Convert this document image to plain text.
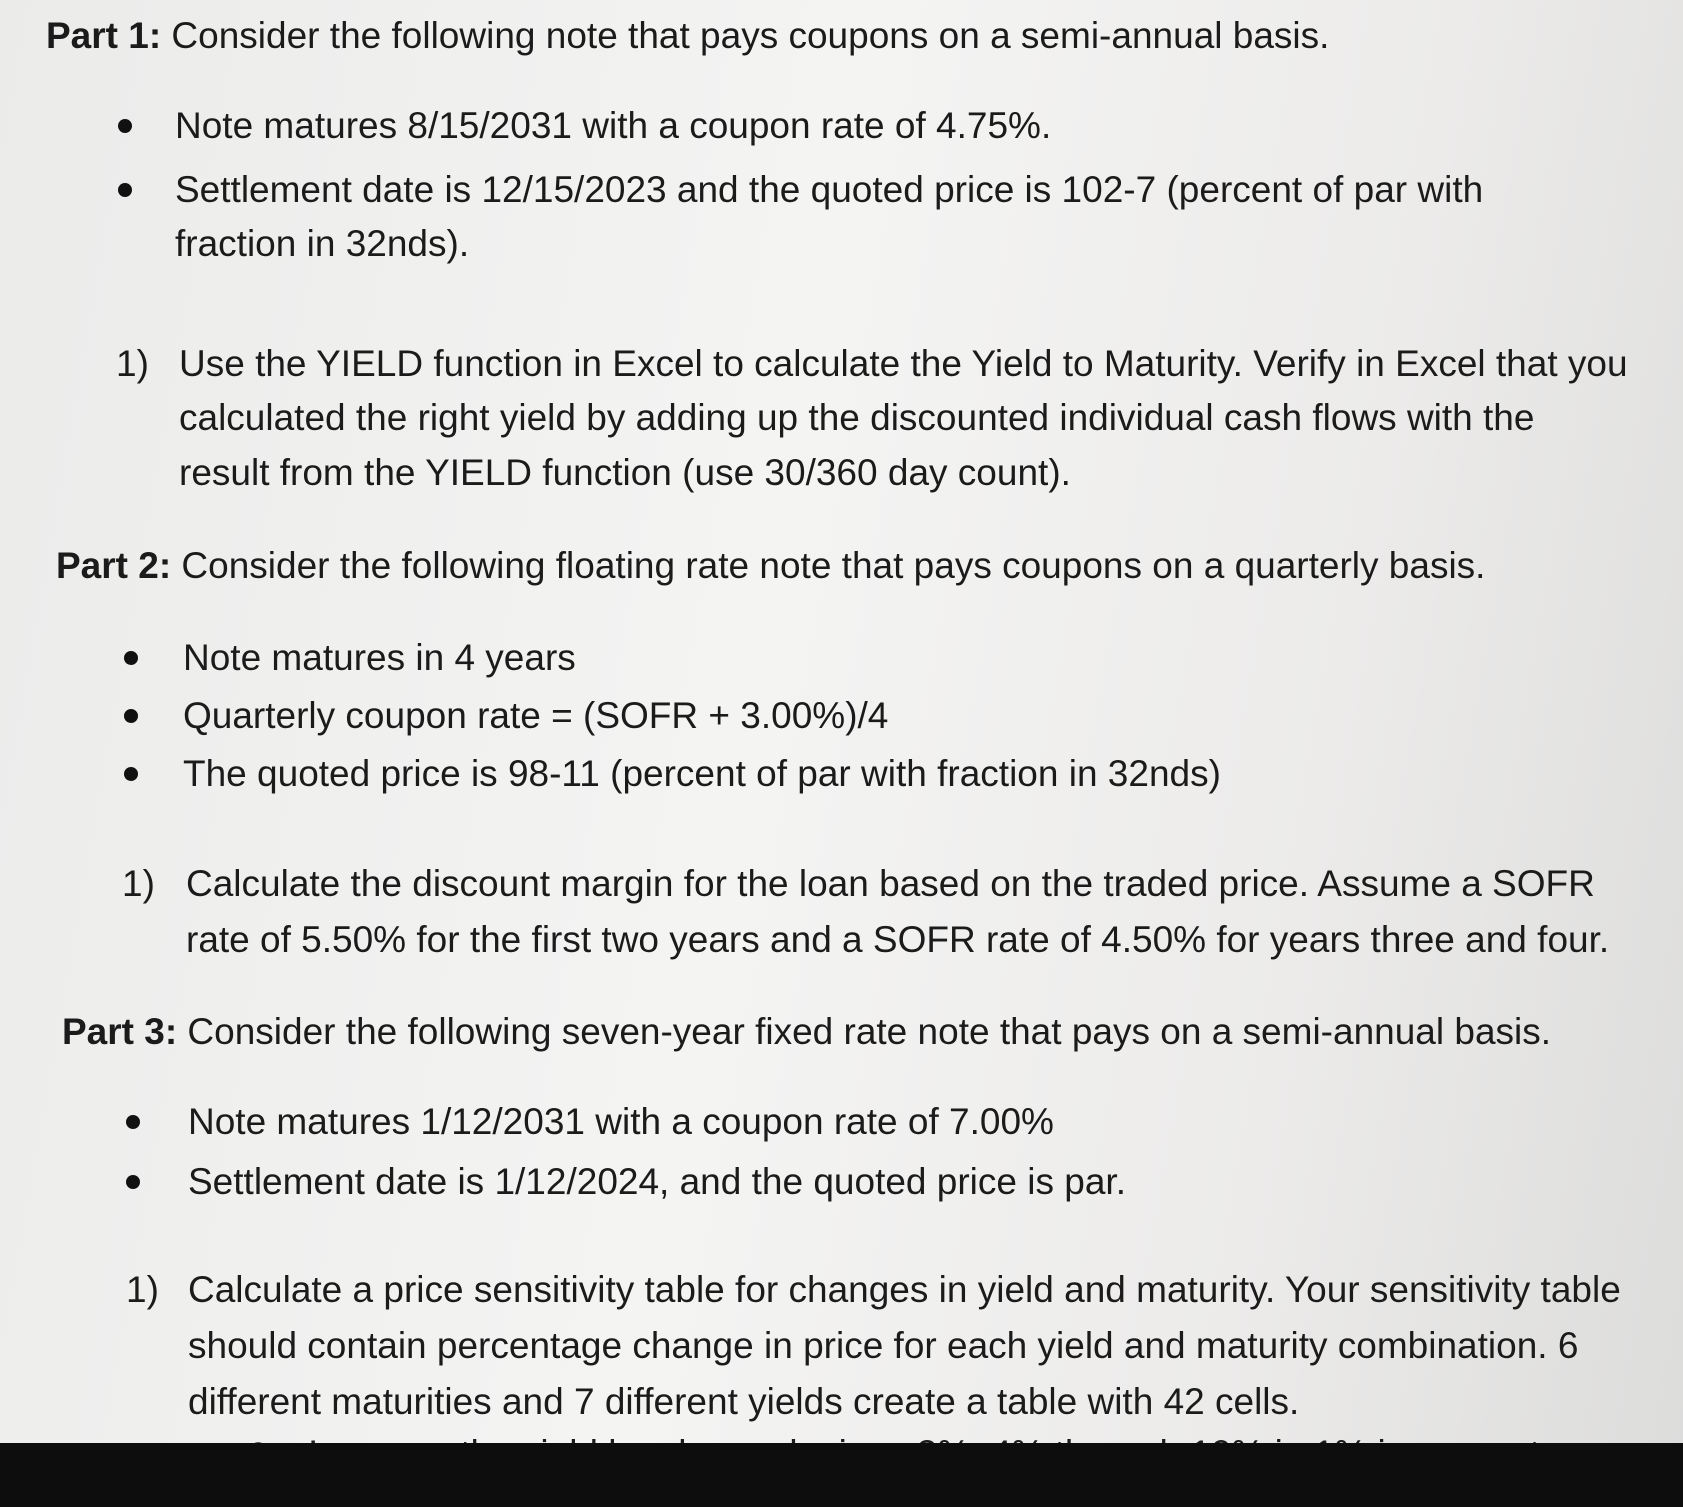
Part 1: Consider the following note that pays coupons on a semi-annual basis.
Note matures 8/15/2031 with a coupon rate of 4.75%.
Settlement date is 12/15/2023 and the quoted price is 102-7 (percent of par with
fraction in 32nds).
1) Use the YIELD function in Excel to calculate the Yield to Maturity. Verify in Excel that you
calculated the right yield by adding up the discounted individual cash flows with the
result from the YIELD function (use 30/360 day count).
Part 2: Consider the following floating rate note that pays coupons on a quarterly basis.
Note matures in 4 years
Quarterly coupon rate = (SOFR + 3.00%)/4
The quoted price is 98-11 (percent of par with fraction in 32nds)
1) Calculate the discount margin for the loan based on the traded price. Assume a SOFR
rate of 5.50% for the first two years and a SOFR rate of 4.50% for years three and four.
Part 3: Consider the following seven-year fixed rate note that pays on a semi-annual basis.
Note matures 1/12/2031 with a coupon rate of 7.00%
Settlement date is 1/12/2024, and the quoted price is par.
1) Calculate a price sensitivity table for changes in yield and maturity. Your sensitivity table
should contain percentage change in price for each yield and maturity combination. 6
different maturities and 7 different yields create a table with 42 cells.
